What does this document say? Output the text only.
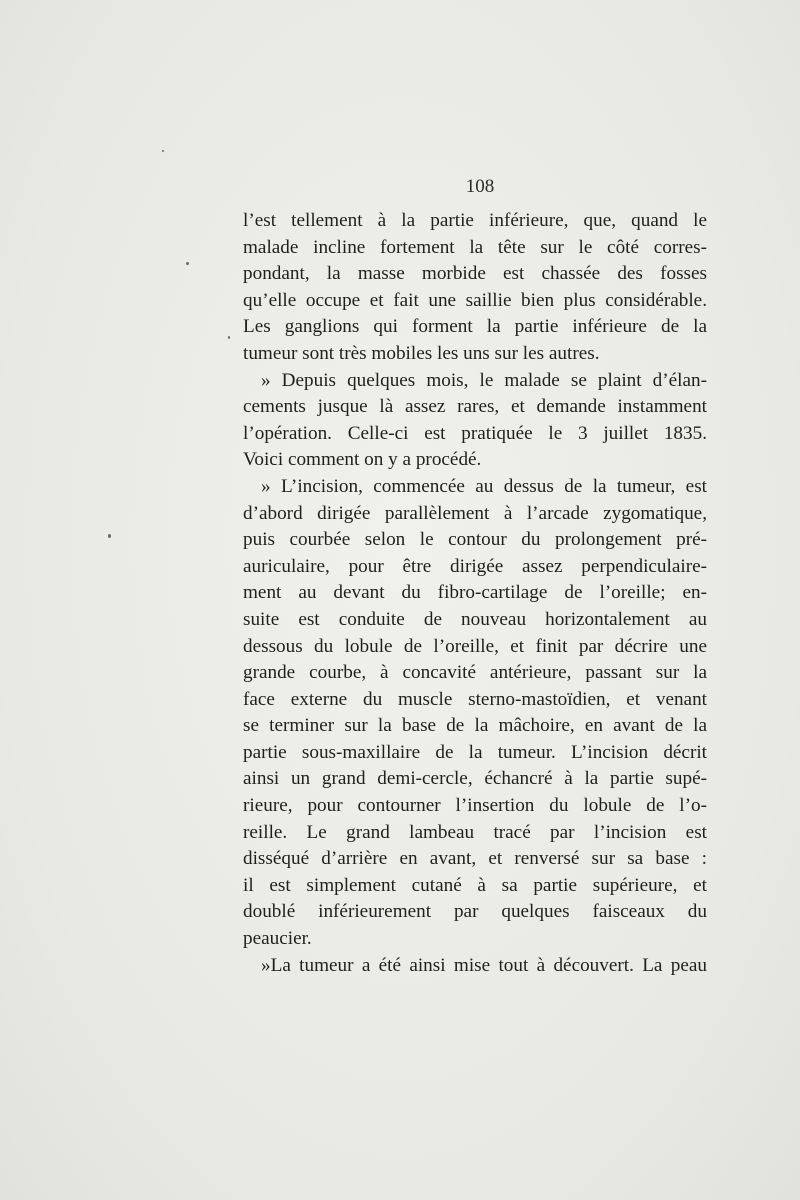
108
l’est tellement à la partie inférieure, que, quand le
malade incline fortement la tête sur le côté corres-
pondant, la masse morbide est chassée des fosses
qu’elle occupe et fait une saillie bien plus considérable.
Les ganglions qui forment la partie inférieure de la
tumeur sont très mobiles les uns sur les autres.
» Depuis quelques mois, le malade se plaint d’élan-
cements jusque là assez rares, et demande instamment
l’opération. Celle-ci est pratiquée le 3 juillet 1835.
Voici comment on y a procédé.
» L’incision, commencée au dessus de la tumeur, est
d’abord dirigée parallèlement à l’arcade zygomatique,
puis courbée selon le contour du prolongement pré-
auriculaire, pour être dirigée assez perpendiculaire-
ment au devant du fibro-cartilage de l’oreille; en-
suite est conduite de nouveau horizontalement au
dessous du lobule de l’oreille, et finit par décrire une
grande courbe, à concavité antérieure, passant sur la
face externe du muscle sterno-mastoïdien, et venant
se terminer sur la base de la mâchoire, en avant de la
partie sous-maxillaire de la tumeur. L’incision décrit
ainsi un grand demi-cercle, échancré à la partie supé-
rieure, pour contourner l’insertion du lobule de l’o-
reille. Le grand lambeau tracé par l’incision est
disséqué d’arrière en avant, et renversé sur sa base :
il est simplement cutané à sa partie supérieure, et
doublé inférieurement par quelques faisceaux du
peaucier.
»La tumeur a été ainsi mise tout à découvert. La peau
